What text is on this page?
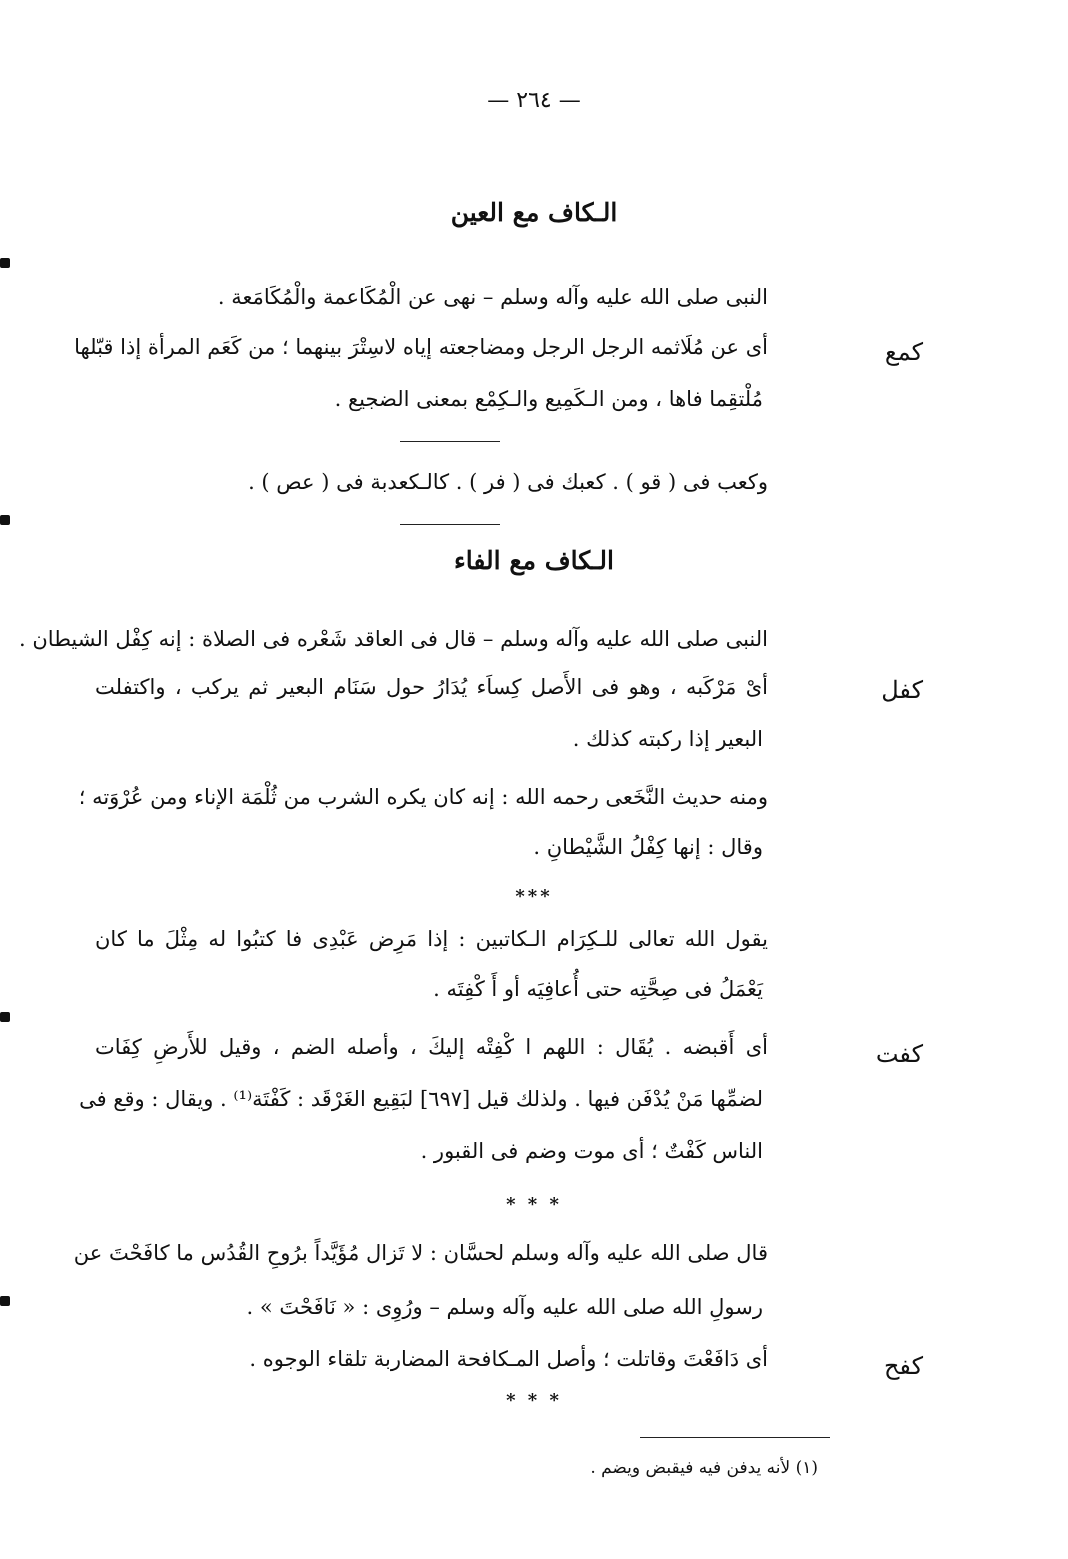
— ٢٦٤ —
الـكاف مع العين
النبى صلى الله عليه وآله وسلم – نهى عن الْمُكَاعمة والْمُكَامَعة .
كمع
أى عن مُلَاثمه الرجل الرجل ومضاجعته إياه لاسِتْرَ بينهما ؛ من كَعَم المرأة إذا قبّلها
مُلْتقِما فاها ، ومن الـكَمِيع والـكِمْع بمعنى الضجيع .
وكعب فى ( قو ) . كعبك فى ( فر ) . كالـكعدبة فى ( عص ) .
الـكاف مع الفاء
النبى صلى الله عليه وآله وسلم – قال فى العاقد شَعْره فى الصلاة : إنه كِفْل الشيطان .
كفل
أىْ مَرْكَبه ، وهو فى الأَصل كِساَء يُدَارُ حول سَنَام البعير ثم يركب ، واكتفلت
البعير إذا ركبته كذلك .
ومنه حديث النَّخَعى رحمه الله : إنه كان يكره الشرب من ثُلْمَة الإناء ومن عُرْوَته ؛
وقال : إنها كِفْلُ الشَّيْطانِ .
***
يقول الله تعالى للـكِرَام الـكاتبين : إذا مَرِض عَبْدِى فا كتبُوا له مِثْلَ ما كان
يَعْمَلُ فى صِحَّتِه حتى أُعافِيَه أو أَ كْفِتَه .
كفت
أى أَقبضه . يُقَال : اللهم ا كْفِتْه إليكَ ، وأصله الضم ، وقيل للأَرضِ كِفَات
لضمِّها مَنْ يُدْفَن فيها . ولذلك قيل [٦٩٧] لبَقِيع الغَرْقَد : كَفْتَة⁽¹⁾ . ويقال : وقع فى
الناس كَفْتٌ ؛ أى موت وضم فى القبور .
* * *
قال صلى الله عليه وآله وسلم لحسَّان : لا تَزال مُؤَيَّداً برُوحِ القُدُس ما كافَحْتَ عن
رسولِ الله صلى الله عليه وآله وسلم – ورُوِى : « نَافَحْتَ » .
كفح
أى دَافَعْتَ وقاتلت ؛ وأصل المـكافحة المضاربة تلقاء الوجوه .
* * *
(١) لأنه يدفن فيه فيقبض ويضم .
